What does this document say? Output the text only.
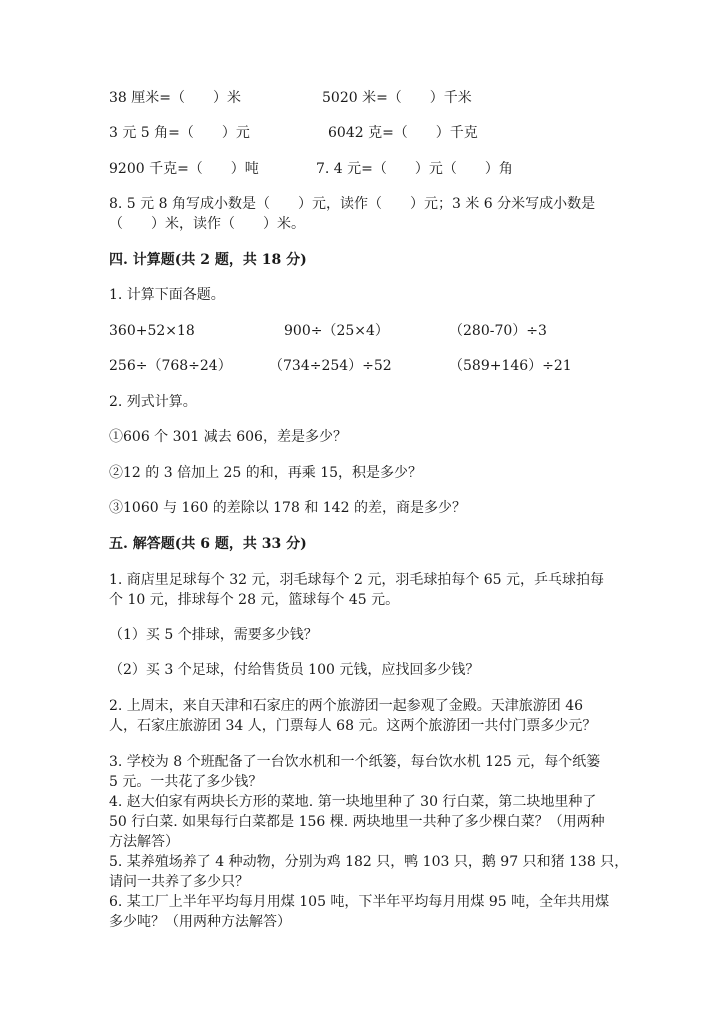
38 厘米=（　　）米	5020 米=（　　）千米
3 元 5 角=（　　）元	6042 克=（　　）千克
9200 千克=（　　）吨	7. 4 元=（　　）元（　　）角
8. 5 元 8 角写成小数是（　　）元，读作（　　）元；3 米 6 分米写成小数是
（　　）米，读作（　　）米。
四. 计算题(共 2 题，共 18 分)
1. 计算下面各题。
360+52×18	900÷（25×4）	（280-70）÷3
256÷（768÷24）	（734÷254）÷52	（589+146）÷21
2. 列式计算。
①606 个 301 减去 606，差是多少？
②12 的 3 倍加上 25 的和，再乘 15，积是多少？
③1060 与 160 的差除以 178 和 142 的差，商是多少？
五. 解答题(共 6 题，共 33 分)
1. 商店里足球每个 32 元，羽毛球每个 2 元，羽毛球拍每个 65 元，乒乓球拍每
个 10 元，排球每个 28 元，篮球每个 45 元。
（1）买 5 个排球，需要多少钱？
（2）买 3 个足球，付给售货员 100 元钱，应找回多少钱？
2. 上周末，来自天津和石家庄的两个旅游团一起参观了金殿。天津旅游团 46
人，石家庄旅游团 34 人，门票每人 68 元。这两个旅游团一共付门票多少元？
3. 学校为 8 个班配备了一台饮水机和一个纸篓，每台饮水机 125 元，每个纸篓
5 元。一共花了多少钱？
4. 赵大伯家有两块长方形的菜地. 第一块地里种了 30 行白菜，第二块地里种了
50 行白菜. 如果每行白菜都是 156 棵. 两块地里一共种了多少棵白菜？（用两种
方法解答）
5. 某养殖场养了 4 种动物，分别为鸡 182 只，鸭 103 只，鹅 97 只和猪 138 只，
请问一共养了多少只？
6. 某工厂上半年平均每月用煤 105 吨，下半年平均每月用煤 95 吨，全年共用煤
多少吨？（用两种方法解答）
